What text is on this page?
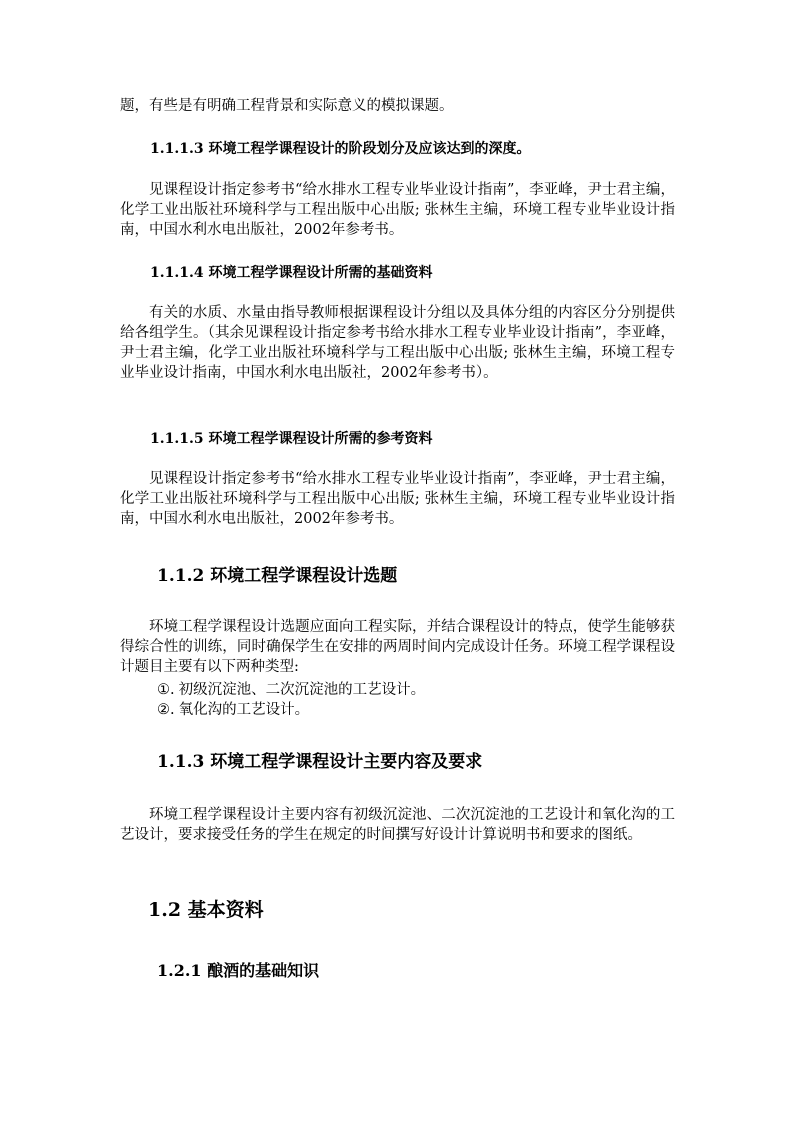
题，有些是有明确工程背景和实际意义的模拟课题。

1.1.1.3 环境工程学课程设计的阶段划分及应该达到的深度。

见课程设计指定参考书“给水排水工程专业毕业设计指南”，李亚峰，尹士君主编，化学工业出版社环境科学与工程出版中心出版; 张林生主编，环境工程专业毕业设计指南，中国水利水电出版社，2002年参考书。

1.1.1.4 环境工程学课程设计所需的基础资料

有关的水质、水量由指导教师根据课程设计分组以及具体分组的内容区分分别提供给各组学生。（其余见课程设计指定参考书给水排水工程专业毕业设计指南”，李亚峰，尹士君主编，化学工业出版社环境科学与工程出版中心出版; 张林生主编，环境工程专业毕业设计指南，中国水利水电出版社，2002年参考书）。

1.1.1.5 环境工程学课程设计所需的参考资料

见课程设计指定参考书“给水排水工程专业毕业设计指南”，李亚峰，尹士君主编，化学工业出版社环境科学与工程出版中心出版; 张林生主编，环境工程专业毕业设计指南，中国水利水电出版社，2002年参考书。

1.1.2 环境工程学课程设计选题

环境工程学课程设计选题应面向工程实际，并结合课程设计的特点，使学生能够获得综合性的训练，同时确保学生在安排的两周时间内完成设计任务。环境工程学课程设计题目主要有以下两种类型:

①. 初级沉淀池、二次沉淀池的工艺设计。

②. 氧化沟的工艺设计。

1.1.3 环境工程学课程设计主要内容及要求

环境工程学课程设计主要内容有初级沉淀池、二次沉淀池的工艺设计和氧化沟的工艺设计，要求接受任务的学生在规定的时间撰写好设计计算说明书和要求的图纸。

1.2 基本资料

1.2.1 酿酒的基础知识
